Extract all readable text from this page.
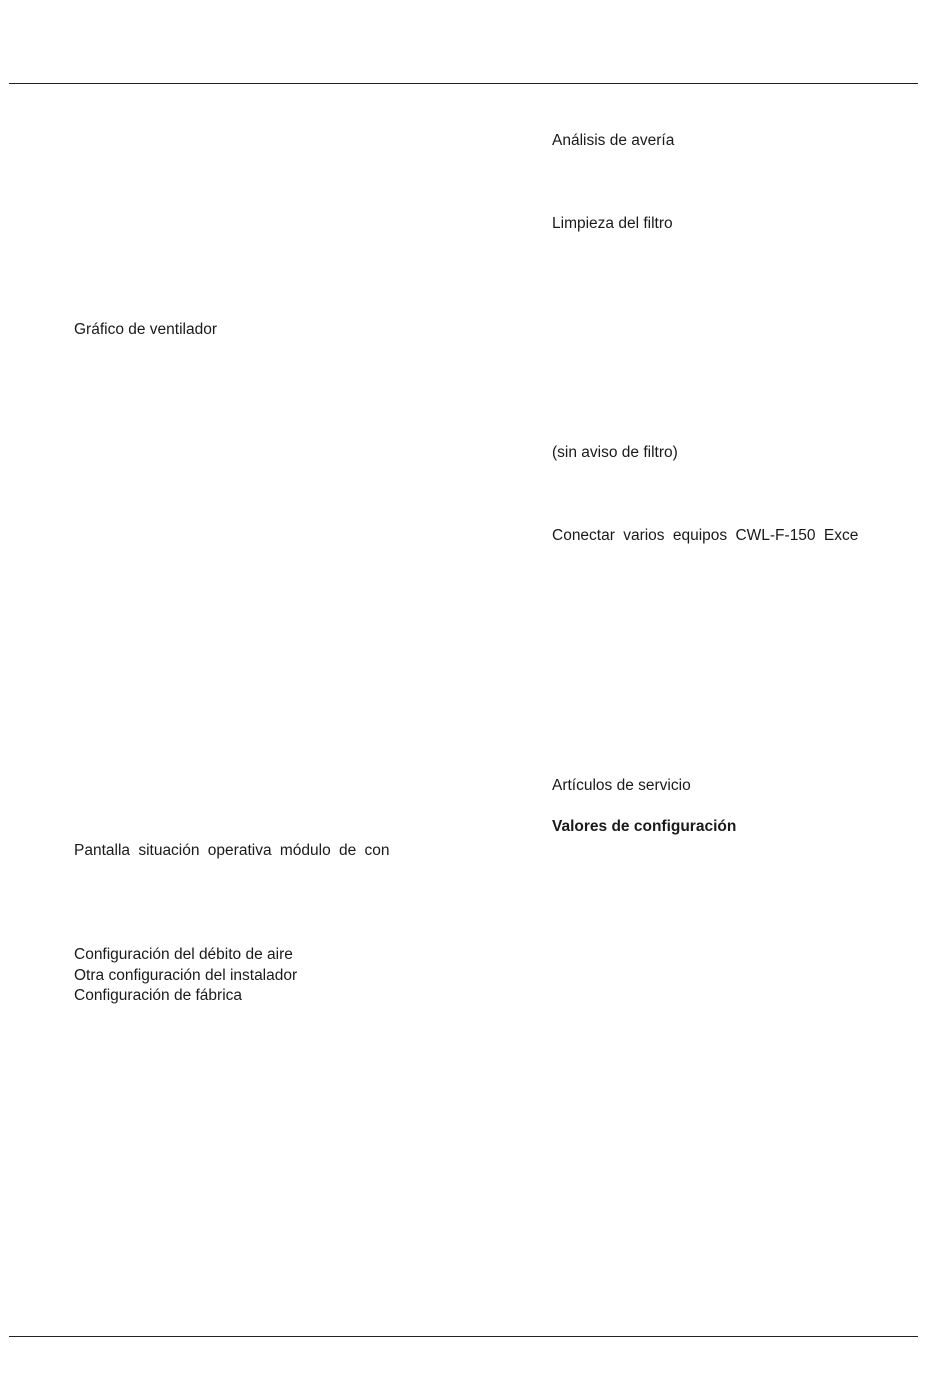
Análisis de avería
Limpieza del filtro
(sin aviso de filtro)
Conectar varios equipos CWL-F-150 Exce
Artículos de servicio
Valores de configuración
Gráfico de ventilador
Pantalla situación operativa módulo de con
Configuración del débito de aire
Otra configuración del instalador
Configuración de fábrica
